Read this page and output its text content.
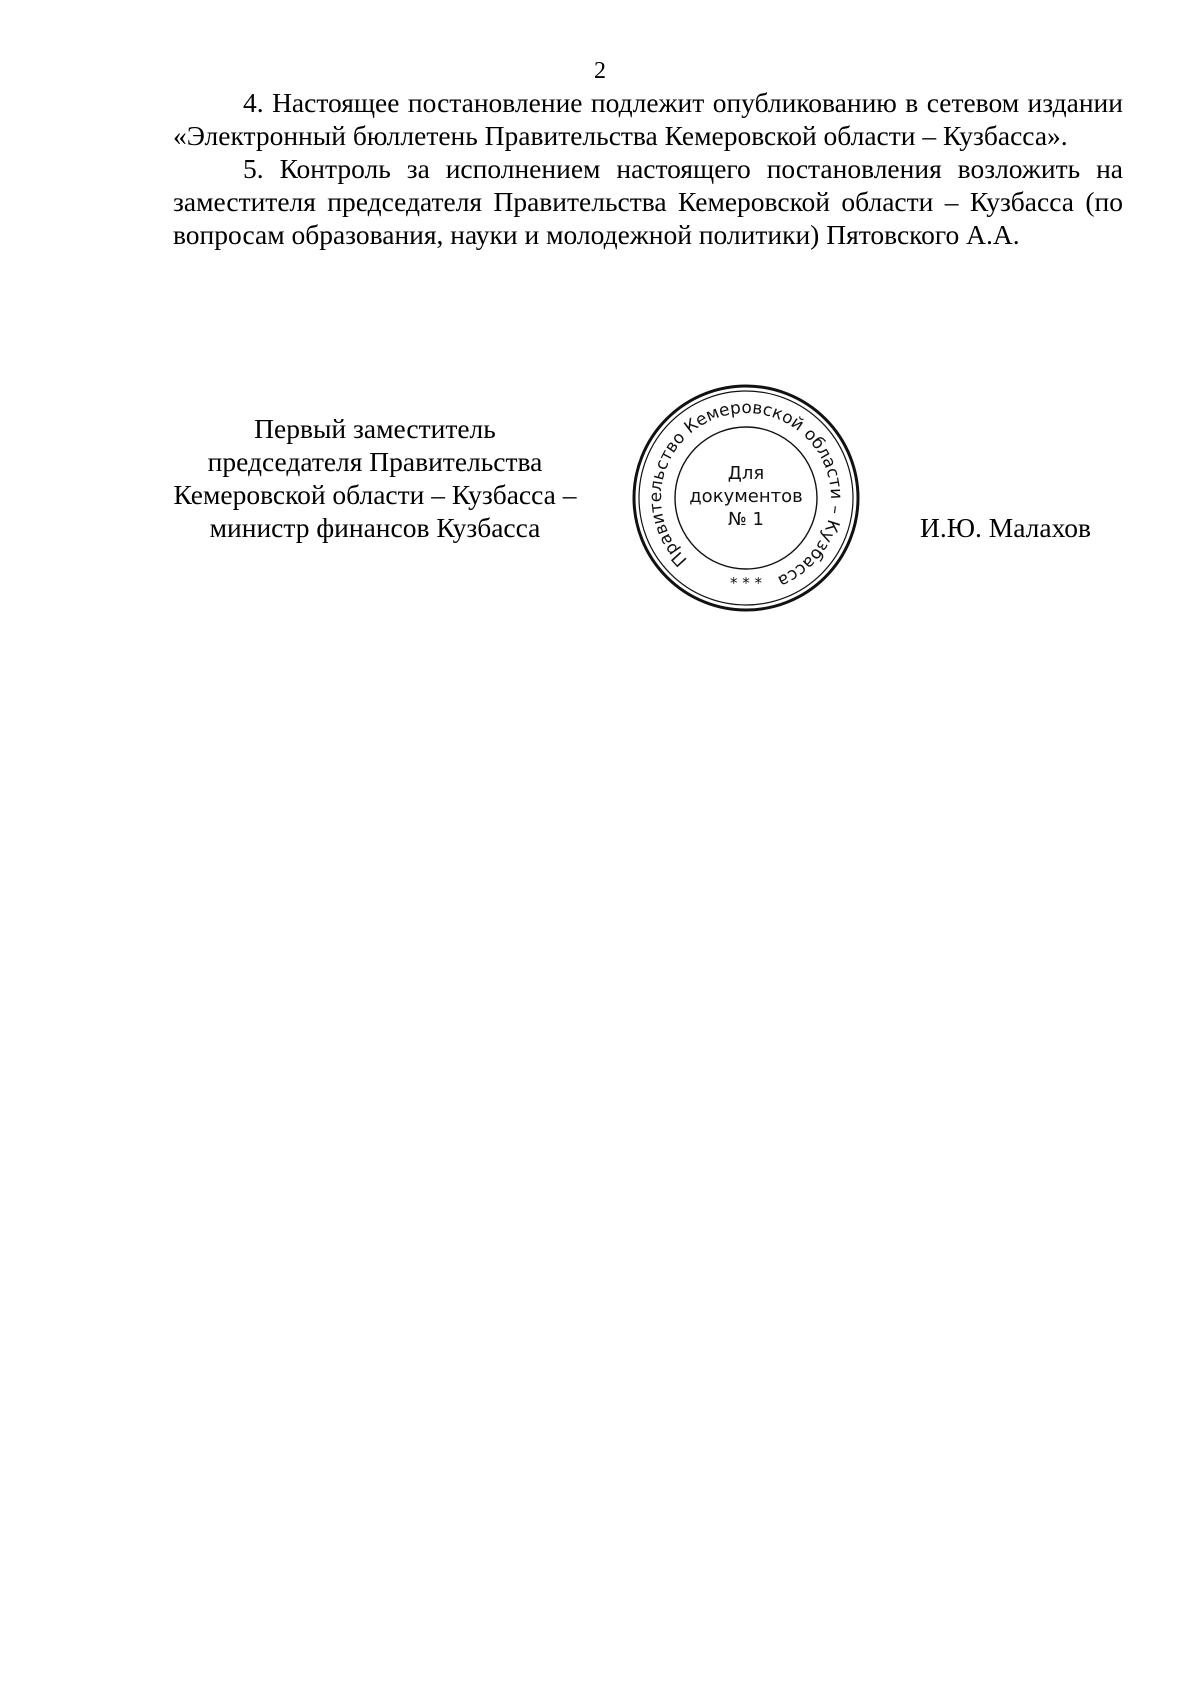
2

4. Настоящее постановление подлежит опубликованию в сетевом издании «Электронный бюллетень Правительства Кемеровской области – Кузбасса».

5. Контроль за исполнением настоящего постановления возложить на заместителя председателя Правительства Кемеровской области – Кузбасса (по вопросам образования, науки и молодежной политики) Пятовского А.А.

Первый заместитель
председателя Правительства
Кемеровской области – Кузбасса –
министр финансов Кузбасса
Правительство Кемеровской области – Кузбасса
* * *
Для
документов
№ 1	И.Ю. Малахов
